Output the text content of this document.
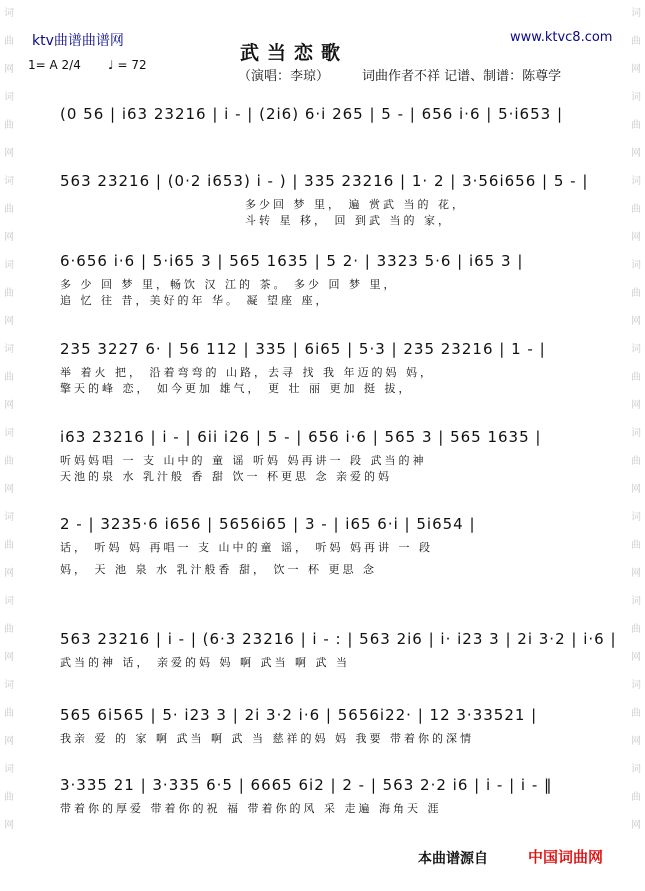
词曲网
词曲网
词曲网
词曲网
词曲网
词曲网
词曲网
词曲网
词曲网
词曲网
词曲网
词曲网
词曲网
词曲网
词曲网
词曲网
词曲网
词曲网
词曲网
词曲网
ktv曲谱曲谱网	www.ktvc8.com
武当恋歌
1= A 2/4 ♩ = 72
（演唱：李琼）	词曲作者不祥 记谱、制谱：陈尊学
(0 56 | i63 23216 | i - | (2i6) 6·i 265 | 5 - | 656 i·6 | 5·i653 |
563 23216 | (0·2 i653) i - ) | 335 23216 | 1· 2 | 3·56i656 | 5 - |
多少回 梦 里， 遍 赏武 当的 花，
斗转 星 移， 回 到武 当的 家，
6·656 i·6 | 5·i65 3 | 565 1635 | 5 2· | 3323 5·6 | i65 3 |
多 少 回 梦 里，畅饮 汉 江的 茶。 多少 回 梦 里，
追 忆 往 昔，美好的年 华。 凝 望座 座，
235 3227 6· | 56 112 | 335 | 6i65 | 5·3 | 235 23216 | 1 - |
举 着火 把， 沿着弯弯的 山路，去寻 找 我 年迈的妈 妈，
擎天的峰 恋， 如今更加 雄气， 更 壮 丽 更加 挺 拔，
i63 23216 | i - | 6ii i26 | 5 - | 656 i·6 | 565 3 | 565 1635 |
听妈妈唱 一 支 山中的 童 谣 听妈 妈再讲一 段 武当的神
天池的泉 水 乳汁般 香 甜 饮一 杯更思 念 亲爱的妈
2 - | 3235·6 i656 | 5656i65 | 3 - | i65 6·i | 5i654 |
话， 听妈 妈 再唱一 支 山中的童 谣， 听妈 妈再讲 一 段
妈， 天 池 泉 水 乳汁般香 甜， 饮一 杯 更思 念
563 23216 | i - | (6·3 23216 | i - : | 563 2i6 | i· i23 3 | 2i 3·2 | i·6 |
武当的神 话， 亲爱的妈 妈 啊 武当 啊 武 当
565 6i565 | 5· i23 3 | 2i 3·2 i·6 | 5656i22· | 12 3·33521 |
我亲 爱 的 家 啊 武当 啊 武 当 慈祥的妈 妈 我要 带着你的深情
3·335 21 | 3·335 6·5 | 6665 6i2 | 2 - | 563 2·2 i6 | i - | i - ‖
带着你的厚爱 带着你的祝 福 带着你的风 采 走遍 海角天 涯
本曲谱源自	中国词曲网
